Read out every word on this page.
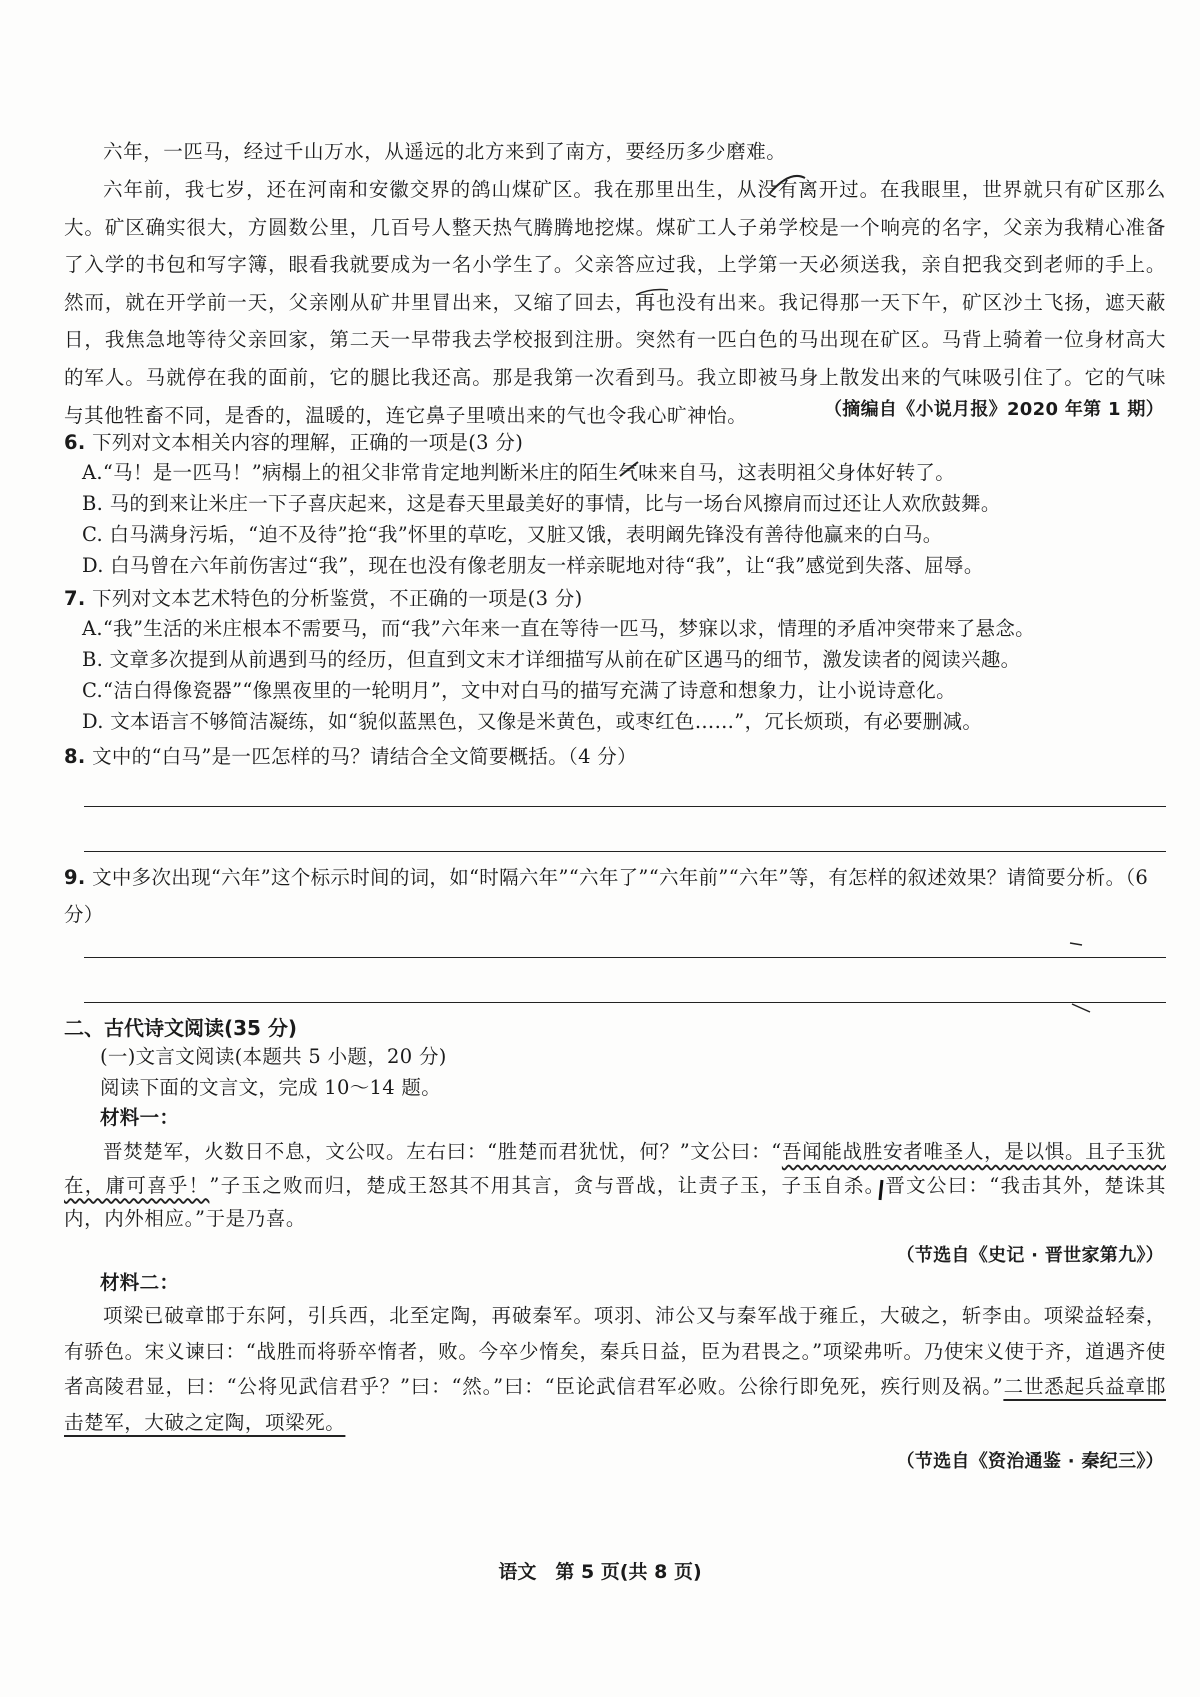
六年，一匹马，经过千山万水，从遥远的北方来到了南方，要经历多少磨难。
六年前，我七岁，还在河南和安徽交界的鸽山煤矿区。我在那里出生，从没有离开过。在我眼里，世界就只有矿区那么大。矿区确实很大，方圆数公里，几百号人整天热气腾腾地挖煤。煤矿工人子弟学校是一个响亮的名字，父亲为我精心准备了入学的书包和写字簿，眼看我就要成为一名小学生了。父亲答应过我，上学第一天必须送我，亲自把我交到老师的手上。然而，就在开学前一天，父亲刚从矿井里冒出来，又缩了回去，再也没有出来。我记得那一天下午，矿区沙土飞扬，遮天蔽日，我焦急地等待父亲回家，第二天一早带我去学校报到注册。突然有一匹白色的马出现在矿区。马背上骑着一位身材高大的军人。马就停在我的面前，它的腿比我还高。那是我第一次看到马。我立即被马身上散发出来的气味吸引住了。它的气味与其他牲畜不同，是香的，温暖的，连它鼻子里喷出来的气也令我心旷神怡。	（摘编自《小说月报》2020 年第 1 期）
6. 下列对文本相关内容的理解，正确的一项是(3 分)
A.“马！是一匹马！”病榻上的祖父非常肯定地判断米庄的陌生气味来自马，这表明祖父身体好转了。
B. 马的到来让米庄一下子喜庆起来，这是春天里最美好的事情，比与一场台风擦肩而过还让人欢欣鼓舞。
C. 白马满身污垢，“迫不及待”抢“我”怀里的草吃，又脏又饿，表明阚先锋没有善待他赢来的白马。
D. 白马曾在六年前伤害过“我”，现在也没有像老朋友一样亲昵地对待“我”，让“我”感觉到失落、屈辱。
7. 下列对文本艺术特色的分析鉴赏，不正确的一项是(3 分)
A.“我”生活的米庄根本不需要马，而“我”六年来一直在等待一匹马，梦寐以求，情理的矛盾冲突带来了悬念。
B. 文章多次提到从前遇到马的经历，但直到文末才详细描写从前在矿区遇马的细节，激发读者的阅读兴趣。
C.“洁白得像瓷器”“像黑夜里的一轮明月”，文中对白马的描写充满了诗意和想象力，让小说诗意化。
D. 文本语言不够简洁凝练，如“貌似蓝黑色，又像是米黄色，或枣红色……”，冗长烦琐，有必要删减。
8. 文中的“白马”是一匹怎样的马？请结合全文简要概括。（4 分）
9. 文中多次出现“六年”这个标示时间的词，如“时隔六年”“六年了”“六年前”“六年”等，有怎样的叙述效果？请简要分析。（6 分）
二、古代诗文阅读(35 分)
(一)文言文阅读(本题共 5 小题，20 分)
阅读下面的文言文，完成 10～14 题。
材料一：
晋焚楚军，火数日不息，文公叹。左右曰：“胜楚而君犹忧，何？”文公曰：“吾闻能战胜安者唯圣人，是以惧。且子玉犹在，庸可喜乎！”子玉之败而归，楚成王怒其不用其言，贪与晋战，让责子玉，子玉自杀。晋文公曰：“我击其外，楚诛其内，内外相应。”于是乃喜。
（节选自《史记 · 晋世家第九》）
材料二：
项梁已破章邯于东阿，引兵西，北至定陶，再破秦军。项羽、沛公又与秦军战于雍丘，大破之，斩李由。项梁益轻秦，有骄色。宋义谏曰：“战胜而将骄卒惰者，败。今卒少惰矣，秦兵日益，臣为君畏之。”项梁弗听。乃使宋义使于齐，道遇齐使者高陵君显，曰：“公将见武信君乎？”曰：“然。”曰：“臣论武信君军必败。公徐行即免死，疾行则及祸。”二世悉起兵益章邯击楚军，大破之定陶，项梁死。
（节选自《资治通鉴 · 秦纪三》）
语文　第 5 页(共 8 页)
